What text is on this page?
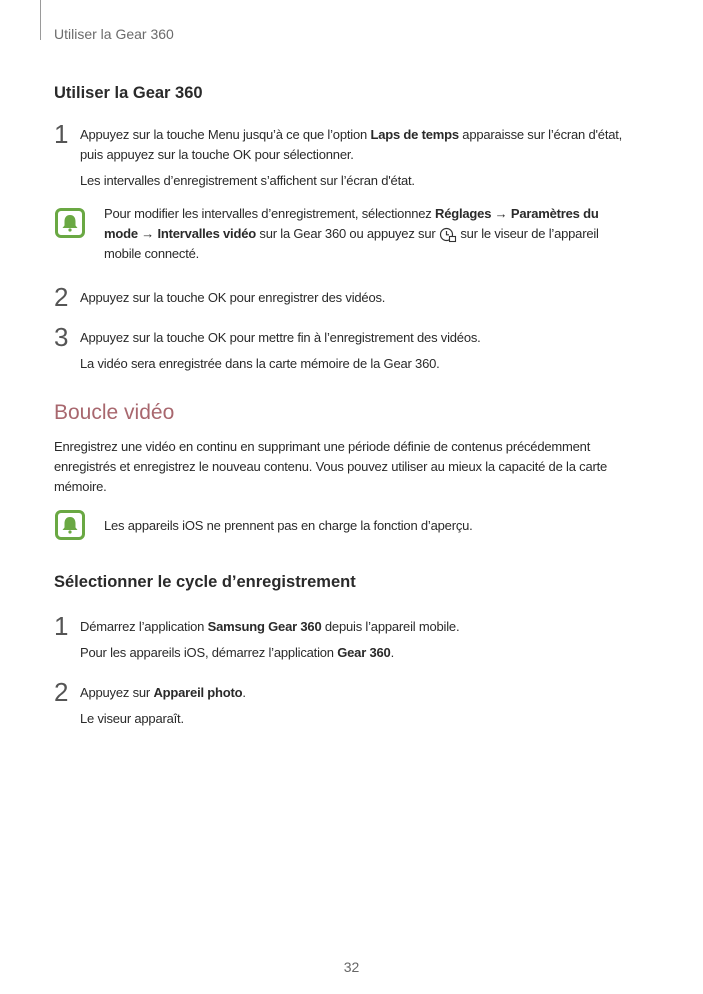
Utiliser la Gear 360
Utiliser la Gear 360
1 Appuyez sur la touche Menu jusqu’à ce que l’option Laps de temps apparaisse sur l’écran d'état,
puis appuyez sur la touche OK pour sélectionner.
Les intervalles d’enregistrement s’affichent sur l’écran d'état.
Pour modifier les intervalles d’enregistrement, sélectionnez Réglages → Paramètres du
mode → Intervalles vidéo sur la Gear 360 ou appuyez sur  sur le viseur de l’appareil
mobile connecté.
2 Appuyez sur la touche OK pour enregistrer des vidéos.
3 Appuyez sur la touche OK pour mettre fin à l’enregistrement des vidéos.
La vidéo sera enregistrée dans la carte mémoire de la Gear 360.
Boucle vidéo
Enregistrez une vidéo en continu en supprimant une période définie de contenus précédemment
enregistrés et enregistrez le nouveau contenu. Vous pouvez utiliser au mieux la capacité de la carte
mémoire.
Les appareils iOS ne prennent pas en charge la fonction d’aperçu.
Sélectionner le cycle d’enregistrement
1 Démarrez l’application Samsung Gear 360 depuis l’appareil mobile.
Pour les appareils iOS, démarrez l’application Gear 360.
2 Appuyez sur Appareil photo.
Le viseur apparaît.
32
